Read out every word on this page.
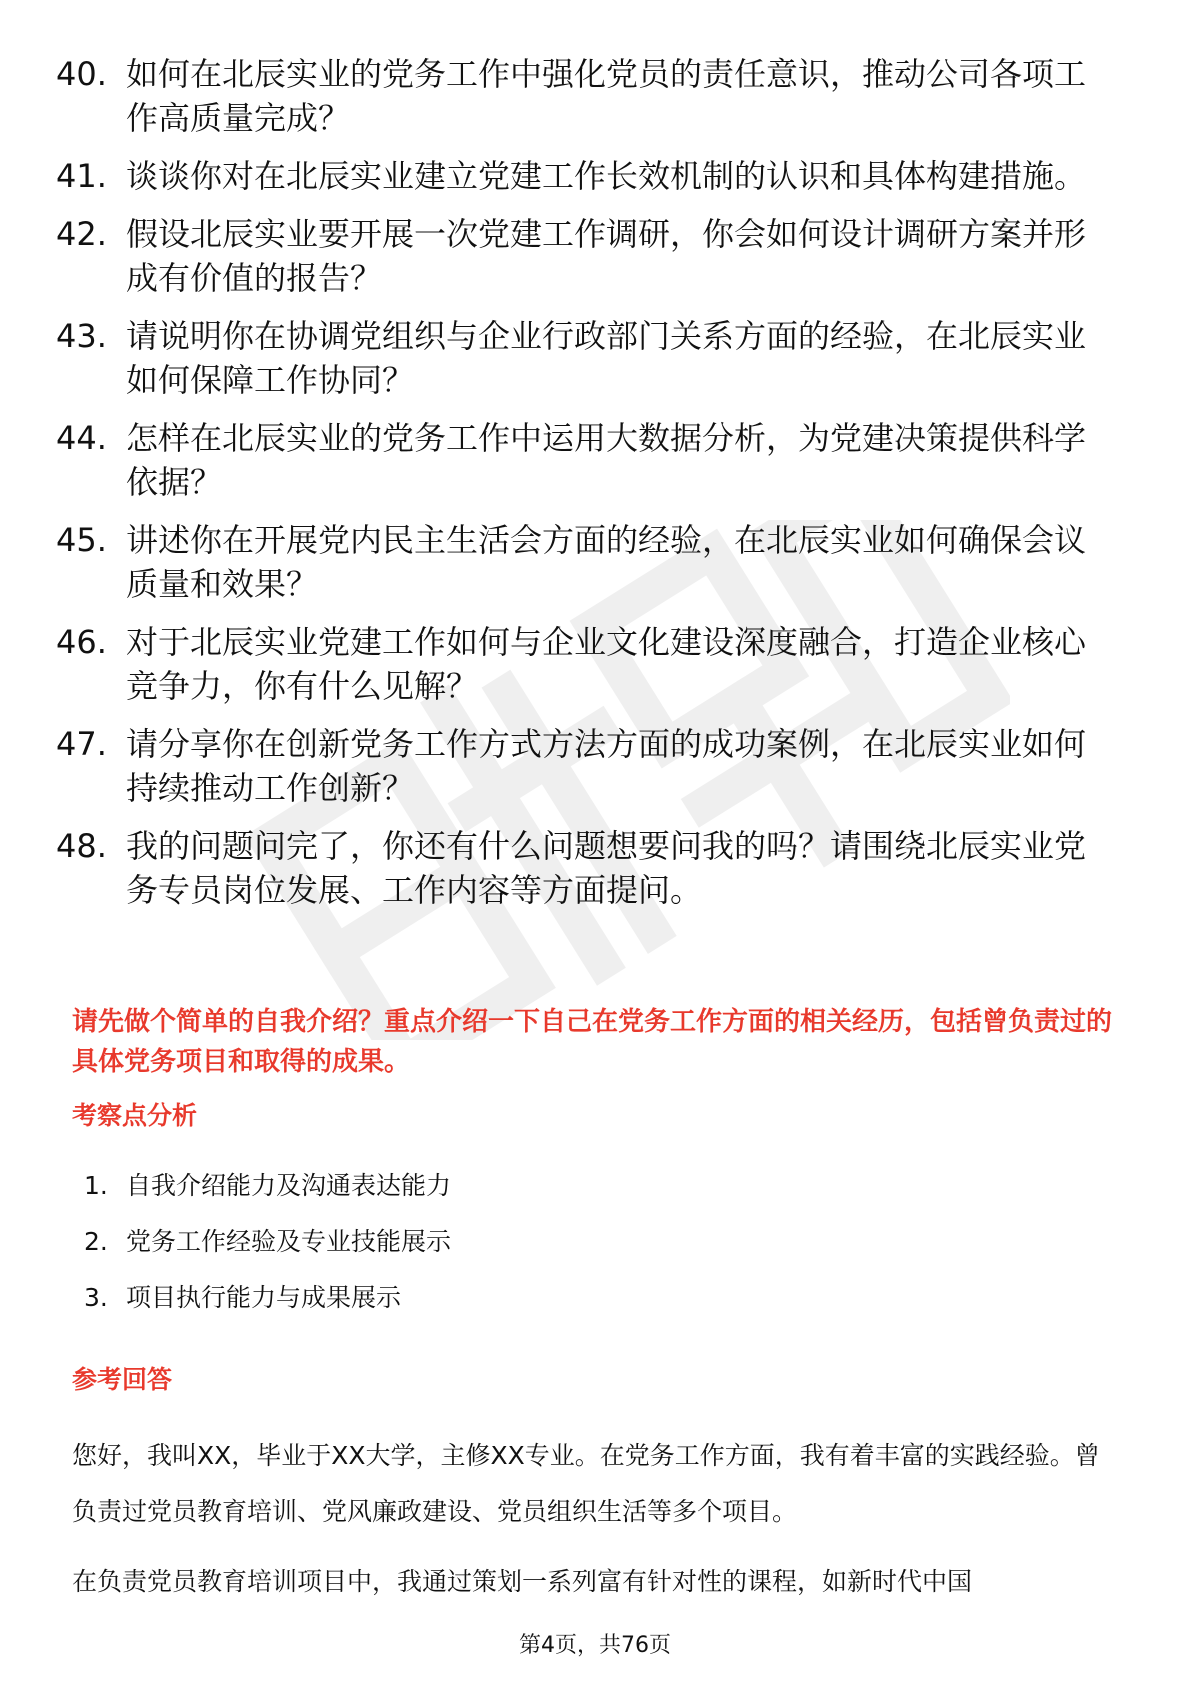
40. 如何在北辰实业的党务工作中强化党员的责任意识，推动公司各项工作高质量完成？
41. 谈谈你对在北辰实业建立党建工作长效机制的认识和具体构建措施。
42. 假设北辰实业要开展一次党建工作调研，你会如何设计调研方案并形成有价值的报告？
43. 请说明你在协调党组织与企业行政部门关系方面的经验，在北辰实业如何保障工作协同？
44. 怎样在北辰实业的党务工作中运用大数据分析，为党建决策提供科学依据？
45. 讲述你在开展党内民主生活会方面的经验，在北辰实业如何确保会议质量和效果？
46. 对于北辰实业党建工作如何与企业文化建设深度融合，打造企业核心竞争力，你有什么见解？
47. 请分享你在创新党务工作方式方法方面的成功案例，在北辰实业如何持续推动工作创新？
48. 我的问题问完了，你还有什么问题想要问我的吗？请围绕北辰实业党务专员岗位发展、工作内容等方面提问。

请先做个简单的自我介绍？重点介绍一下自己在党务工作方面的相关经历，包括曾负责过的具体党务项目和取得的成果。

考察点分析
1. 自我介绍能力及沟通表达能力
2. 党务工作经验及专业技能展示
3. 项目执行能力与成果展示
参考回答

您好，我叫XX，毕业于XX大学，主修XX专业。在党务工作方面，我有着丰富的实践经验。曾负责过党员教育培训、党风廉政建设、党员组织生活等多个项目。

在负责党员教育培训项目中，我通过策划一系列富有针对性的课程，如新时代中国

第4页，共76页
